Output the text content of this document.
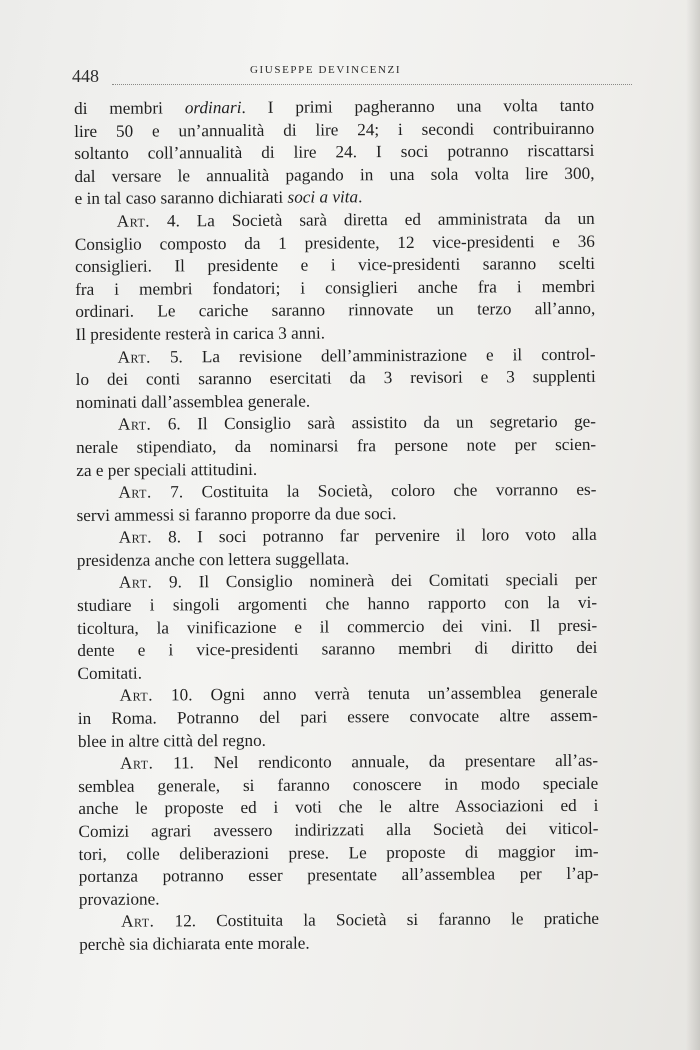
448	GIUSEPPE DEVINCENZI
di membri ordinari. I primi pagheranno una volta tanto
lire 50 e un’annualità di lire 24; i secondi contribuiranno
soltanto coll’annualità di lire 24. I soci potranno riscattarsi
dal versare le annualità pagando in una sola volta lire 300,
e in tal caso saranno dichiarati soci a vita.
Art. 4. La Società sarà diretta ed amministrata da un
Consiglio composto da 1 presidente, 12 vice-presidenti e 36
consiglieri. Il presidente e i vice-presidenti saranno scelti
fra i membri fondatori; i consiglieri anche fra i membri
ordinari. Le cariche saranno rinnovate un terzo all’anno,
Il presidente resterà in carica 3 anni.
Art. 5. La revisione dell’amministrazione e il control-
lo dei conti saranno esercitati da 3 revisori e 3 supplenti
nominati dall’assemblea generale.
Art. 6. Il Consiglio sarà assistito da un segretario ge-
nerale stipendiato, da nominarsi fra persone note per scien-
za e per speciali attitudini.
Art. 7. Costituita la Società, coloro che vorranno es-
servi ammessi si faranno proporre da due soci.
Art. 8. I soci potranno far pervenire il loro voto alla
presidenza anche con lettera suggellata.
Art. 9. Il Consiglio nominerà dei Comitati speciali per
studiare i singoli argomenti che hanno rapporto con la vi-
ticoltura, la vinificazione e il commercio dei vini. Il presi-
dente e i vice-presidenti saranno membri di diritto dei
Comitati.
Art. 10. Ogni anno verrà tenuta un’assemblea generale
in Roma. Potranno del pari essere convocate altre assem-
blee in altre città del regno.
Art. 11. Nel rendiconto annuale, da presentare all’as-
semblea generale, si faranno conoscere in modo speciale
anche le proposte ed i voti che le altre Associazioni ed i
Comizi agrari avessero indirizzati alla Società dei viticol-
tori, colle deliberazioni prese. Le proposte di maggior im-
portanza potranno esser presentate all’assemblea per l’ap-
provazione.
Art. 12. Costituita la Società si faranno le pratiche
perchè sia dichiarata ente morale.
